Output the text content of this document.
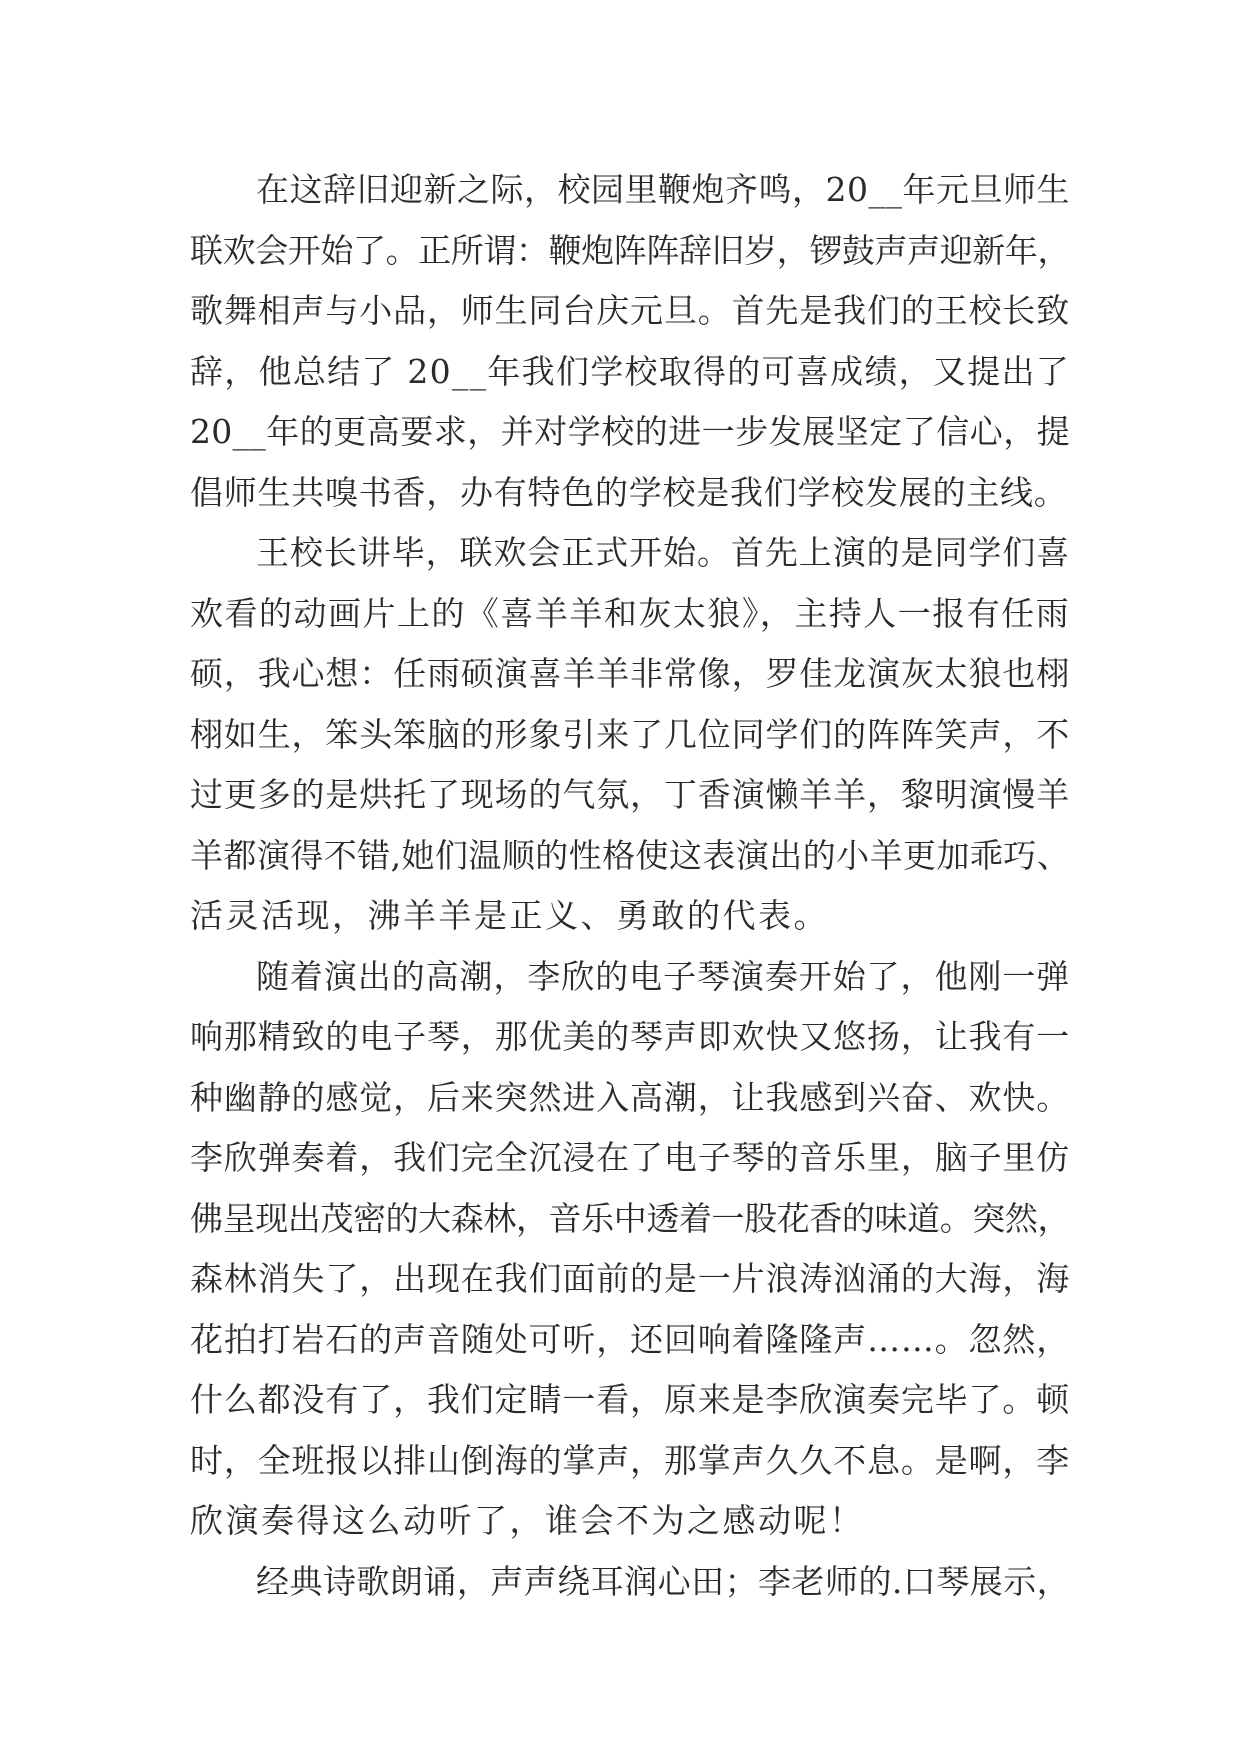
在这辞旧迎新之际，校园里鞭炮齐鸣，20__年元旦师生
联欢会开始了。正所谓：鞭炮阵阵辞旧岁，锣鼓声声迎新年，
歌舞相声与小品，师生同台庆元旦。首先是我们的王校长致
辞，他总结了 20__年我们学校取得的可喜成绩，又提出了
20__年的更高要求，并对学校的进一步发展坚定了信心，提
倡师生共嗅书香，办有特色的学校是我们学校发展的主线。
王校长讲毕，联欢会正式开始。首先上演的是同学们喜
欢看的动画片上的《喜羊羊和灰太狼》，主持人一报有任雨
硕，我心想：任雨硕演喜羊羊非常像，罗佳龙演灰太狼也栩
栩如生，笨头笨脑的形象引来了几位同学们的阵阵笑声，不
过更多的是烘托了现场的气氛，丁香演懒羊羊，黎明演慢羊
羊都演得不错,她们温顺的性格使这表演出的小羊更加乖巧、
活灵活现，沸羊羊是正义、勇敢的代表。
随着演出的高潮，李欣的电子琴演奏开始了，他刚一弹
响那精致的电子琴，那优美的琴声即欢快又悠扬，让我有一
种幽静的感觉，后来突然进入高潮，让我感到兴奋、欢快。
李欣弹奏着，我们完全沉浸在了电子琴的音乐里，脑子里仿
佛呈现出茂密的大森林，音乐中透着一股花香的味道。突然，
森林消失了，出现在我们面前的是一片浪涛汹涌的大海，海
花拍打岩石的声音随处可听，还回响着隆隆声……。忽然，
什么都没有了，我们定睛一看，原来是李欣演奏完毕了。顿
时，全班报以排山倒海的掌声，那掌声久久不息。是啊，李
欣演奏得这么动听了，谁会不为之感动呢！
经典诗歌朗诵，声声绕耳润心田；李老师的.口琴展示，
